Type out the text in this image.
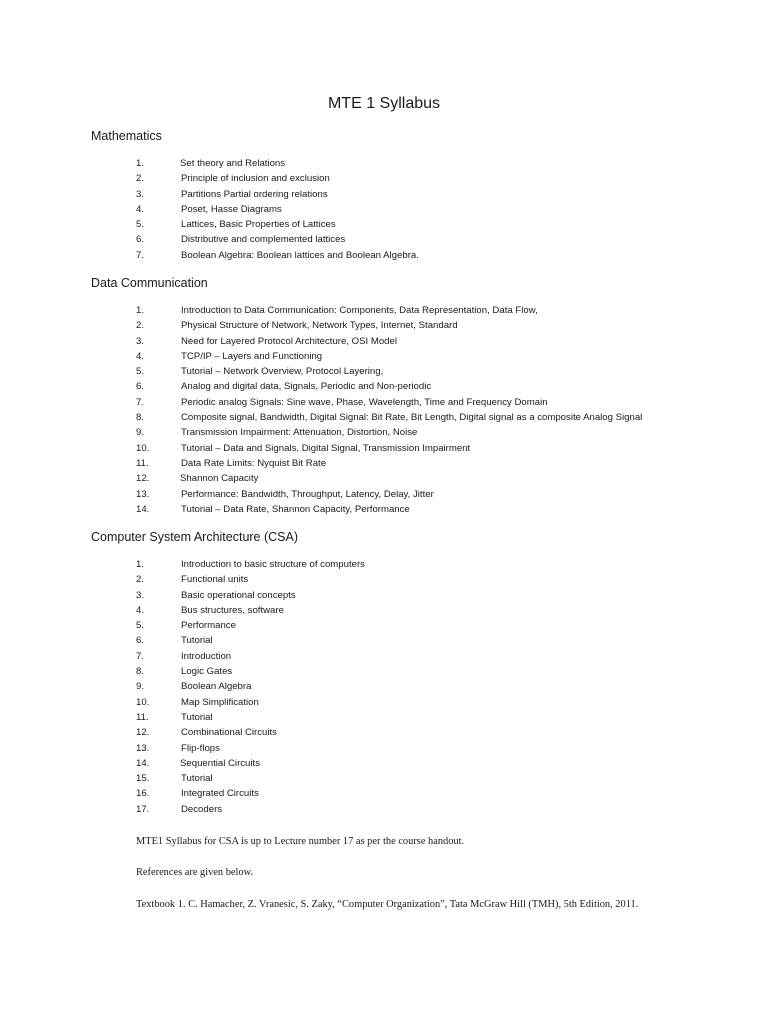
MTE 1 Syllabus
Mathematics
1.	Set theory and Relations
2.	Principle of inclusion and exclusion
3.	Partitions Partial ordering relations
4.	Poset, Hasse Diagrams
5.	Lattices, Basic Properties of Lattices
6.	Distributive and complemented lattices
7.	Boolean Algebra: Boolean lattices and Boolean Algebra.
Data Communication
1.	Introduction to Data Communication: Components, Data Representation, Data Flow,
2.	Physical Structure of Network, Network Types, Internet, Standard
3.	Need for Layered Protocol Architecture, OSI Model
4.	TCP/IP – Layers and Functioning
5.	Tutorial – Network Overview, Protocol Layering,
6.	Analog and digital data, Signals, Periodic and Non-periodic
7.	Periodic analog Signals: Sine wave, Phase, Wavelength, Time and Frequency Domain
8.	Composite signal, Bandwidth, Digital Signal: Bit Rate, Bit Length, Digital signal as a composite Analog Signal
9.	Transmission Impairment: Attenuation, Distortion, Noise
10.	Tutorial – Data and Signals, Digital Signal, Transmission Impairment
11.	Data Rate Limits: Nyquist Bit Rate
12.	Shannon Capacity
13.	Performance: Bandwidth, Throughput, Latency, Delay, Jitter
14.	Tutorial – Data Rate, Shannon Capacity, Performance
Computer System Architecture (CSA)
1.	Introduction to basic structure of computers
2.	Functional units
3.	Basic operational concepts
4.	Bus structures, software
5.	Performance
6.	Tutorial
7.	Introduction
8.	Logic Gates
9.	Boolean Algebra
10.	Map Simplification
11.	Tutorial
12.	Combinational Circuits
13.	Flip-flops
14.	Sequential Circuits
15.	Tutorial
16.	Integrated Circuits
17.	Decoders

MTE1 Syllabus for CSA is up to Lecture number 17 as per the course handout.

References are given below.

Textbook 1. C. Hamacher, Z. Vranesic, S. Zaky, “Computer Organization”, Tata McGraw Hill (TMH), 5th Edition, 2011.
